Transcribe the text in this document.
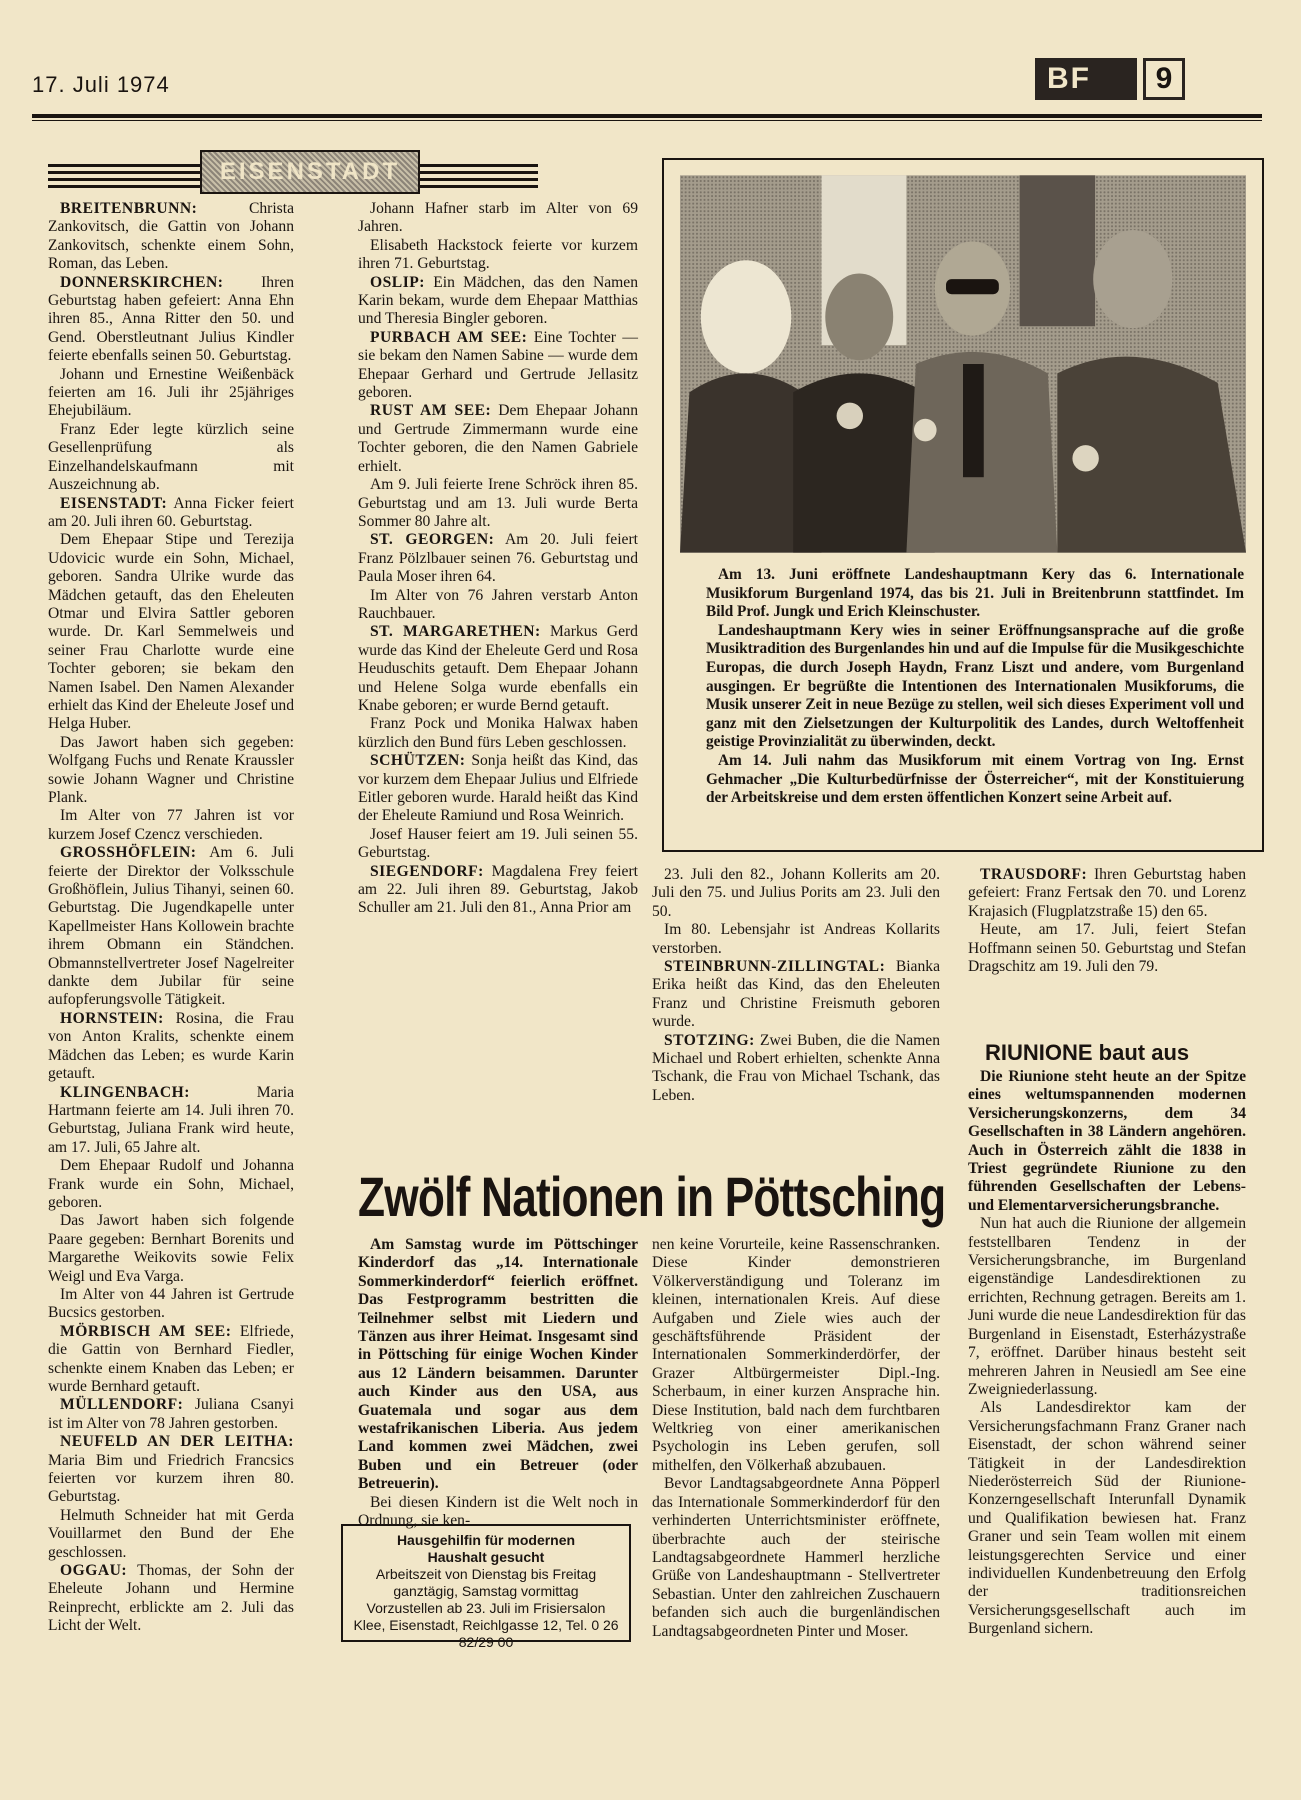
17. Juli 1974	BF	9
EISENSTADT

BREITENBRUNN: Christa Zankovitsch, die Gattin von Johann Zankovitsch, schenkte einem Sohn, Roman, das Leben.

DONNERSKIRCHEN: Ihren Geburtstag haben gefeiert: Anna Ehn ihren 85., Anna Ritter den 50. und Gend. Oberstleutnant Julius Kindler feierte ebenfalls seinen 50. Geburtstag.

Johann und Ernestine Weißenbäck feierten am 16. Juli ihr 25jähriges Ehejubiläum.

Franz Eder legte kürzlich seine Gesellenprüfung als Einzelhandelskaufmann mit Auszeichnung ab.

EISENSTADT: Anna Ficker feiert am 20. Juli ihren 60. Geburtstag.

Dem Ehepaar Stipe und Terezija Udovicic wurde ein Sohn, Michael, geboren. Sandra Ulrike wurde das Mädchen getauft, das den Eheleuten Otmar und Elvira Sattler geboren wurde. Dr. Karl Semmelweis und seiner Frau Charlotte wurde eine Tochter geboren; sie bekam den Namen Isabel. Den Namen Alexander erhielt das Kind der Eheleute Josef und Helga Huber.

Das Jawort haben sich gegeben: Wolfgang Fuchs und Renate Kraussler sowie Johann Wagner und Christine Plank.

Im Alter von 77 Jahren ist vor kurzem Josef Czencz verschieden.

GROSSHÖFLEIN: Am 6. Juli feierte der Direktor der Volksschule Großhöflein, Julius Tihanyi, seinen 60. Geburtstag. Die Jugendkapelle unter Kapellmeister Hans Kollowein brachte ihrem Obmann ein Ständchen. Obmannstellvertreter Josef Nagelreiter dankte dem Jubilar für seine aufopferungsvolle Tätigkeit.

HORNSTEIN: Rosina, die Frau von Anton Kralits, schenkte einem Mädchen das Leben; es wurde Karin getauft.

KLINGENBACH: Maria Hartmann feierte am 14. Juli ihren 70. Geburtstag, Juliana Frank wird heute, am 17. Juli, 65 Jahre alt.

Dem Ehepaar Rudolf und Johanna Frank wurde ein Sohn, Michael, geboren.

Das Jawort haben sich folgende Paare gegeben: Bernhart Borenits und Margarethe Weikovits sowie Felix Weigl und Eva Varga.

Im Alter von 44 Jahren ist Gertrude Bucsics gestorben.

MÖRBISCH AM SEE: Elfriede, die Gattin von Bernhard Fiedler, schenkte einem Knaben das Leben; er wurde Bernhard getauft.

MÜLLENDORF: Juliana Csanyi ist im Alter von 78 Jahren gestorben.

NEUFELD AN DER LEITHA: Maria Bim und Friedrich Francsics feierten vor kurzem ihren 80. Geburtstag.

Helmuth Schneider hat mit Gerda Vouillarmet den Bund der Ehe geschlossen.

OGGAU: Thomas, der Sohn der Eheleute Johann und Hermine Reinprecht, erblickte am 2. Juli das Licht der Welt.

Johann Hafner starb im Alter von 69 Jahren.

Elisabeth Hackstock feierte vor kurzem ihren 71. Geburtstag.

OSLIP: Ein Mädchen, das den Namen Karin bekam, wurde dem Ehepaar Matthias und Theresia Bingler geboren.

PURBACH AM SEE: Eine Tochter — sie bekam den Namen Sabine — wurde dem Ehepaar Gerhard und Gertrude Jellasitz geboren.

RUST AM SEE: Dem Ehepaar Johann und Gertrude Zimmermann wurde eine Tochter geboren, die den Namen Gabriele erhielt.

Am 9. Juli feierte Irene Schröck ihren 85. Geburtstag und am 13. Juli wurde Berta Sommer 80 Jahre alt.

ST. GEORGEN: Am 20. Juli feiert Franz Pölzlbauer seinen 76. Geburtstag und Paula Moser ihren 64.

Im Alter von 76 Jahren verstarb Anton Rauchbauer.

ST. MARGARETHEN: Markus Gerd wurde das Kind der Eheleute Gerd und Rosa Heuduschits getauft. Dem Ehepaar Johann und Helene Solga wurde ebenfalls ein Knabe geboren; er wurde Bernd getauft.

Franz Pock und Monika Halwax haben kürzlich den Bund fürs Leben geschlossen.

SCHÜTZEN: Sonja heißt das Kind, das vor kurzem dem Ehepaar Julius und Elfriede Eitler geboren wurde. Harald heißt das Kind der Eheleute Ramiund und Rosa Weinrich.

Josef Hauser feiert am 19. Juli seinen 55. Geburtstag.

SIEGENDORF: Magdalena Frey feiert am 22. Juli ihren 89. Geburtstag, Jakob Schuller am 21. Juli den 81., Anna Prior am

Am 13. Juni eröffnete Landeshauptmann Kery das 6. Internationale Musikforum Burgenland 1974, das bis 21. Juli in Breitenbrunn stattfindet. Im Bild Prof. Jungk und Erich Kleinschuster.

Landeshauptmann Kery wies in seiner Eröffnungsansprache auf die große Musiktradition des Burgenlandes hin und auf die Impulse für die Musikgeschichte Europas, die durch Joseph Haydn, Franz Liszt und andere, vom Burgenland ausgingen. Er begrüßte die Intentionen des Internationalen Musikforums, die Musik unserer Zeit in neue Bezüge zu stellen, weil sich dieses Experiment voll und ganz mit den Zielsetzungen der Kulturpolitik des Landes, durch Weltoffenheit geistige Provinzialität zu überwinden, deckt.

Am 14. Juli nahm das Musikforum mit einem Vortrag von Ing. Ernst Gehmacher „Die Kulturbedürfnisse der Österreicher“, mit der Konstituierung der Arbeitskreise und dem ersten öffentlichen Konzert seine Arbeit auf.

23. Juli den 82., Johann Kollerits am 20. Juli den 75. und Julius Porits am 23. Juli den 50.

Im 80. Lebensjahr ist Andreas Kollarits verstorben.

STEINBRUNN-ZILLINGTAL: Bianka Erika heißt das Kind, das den Eheleuten Franz und Christine Freismuth geboren wurde.

STOTZING: Zwei Buben, die die Namen Michael und Robert erhielten, schenkte Anna Tschank, die Frau von Michael Tschank, das Leben.

TRAUSDORF: Ihren Geburtstag haben gefeiert: Franz Fertsak den 70. und Lorenz Krajasich (Flugplatzstraße 15) den 65.

Heute, am 17. Juli, feiert Stefan Hoffmann seinen 50. Geburtstag und Stefan Dragschitz am 19. Juli den 79.

RIUNIONE baut aus

Die Riunione steht heute an der Spitze eines weltumspannenden modernen Versicherungskonzerns, dem 34 Gesellschaften in 38 Ländern angehören. Auch in Österreich zählt die 1838 in Triest gegründete Riunione zu den führenden Gesellschaften der Lebens- und Elementarversicherungsbranche.

Nun hat auch die Riunione der allgemein feststellbaren Tendenz in der Versicherungsbranche, im Burgenland eigenständige Landesdirektionen zu errichten, Rechnung getragen. Bereits am 1. Juni wurde die neue Landesdirektion für das Burgenland in Eisenstadt, Esterházystraße 7, eröffnet. Darüber hinaus besteht seit mehreren Jahren in Neusiedl am See eine Zweigniederlassung.

Als Landesdirektor kam der Versicherungsfachmann Franz Graner nach Eisenstadt, der schon während seiner Tätigkeit in der Landesdirektion Niederösterreich Süd der Riunione-Konzerngesellschaft Interunfall Dynamik und Qualifikation bewiesen hat. Franz Graner und sein Team wollen mit einem leistungsgerechten Service und einer individuellen Kundenbetreuung den Erfolg der traditionsreichen Versicherungsgesellschaft auch im Burgenland sichern.

Zwölf Nationen in Pöttsching

Am Samstag wurde im Pöttschinger Kinderdorf das „14. Internationale Sommerkinderdorf“ feierlich eröffnet. Das Festprogramm bestritten die Teilnehmer selbst mit Liedern und Tänzen aus ihrer Heimat. Insgesamt sind in Pöttsching für einige Wochen Kinder aus 12 Ländern beisammen. Darunter auch Kinder aus den USA, aus Guatemala und sogar aus dem westafrikanischen Liberia. Aus jedem Land kommen zwei Mädchen, zwei Buben und ein Betreuer (oder Betreuerin).

Bei diesen Kindern ist die Welt noch in Ordnung, sie ken-

Hausgehilfin für modernen
Haushalt gesucht
Arbeitszeit von Dienstag bis Freitag ganztägig, Samstag vormittag
Vorzustellen ab 23. Juli im Frisiersalon Klee, Eisenstadt, Reichlgasse 12, Tel. 0 26 82/29 00

nen keine Vorurteile, keine Rassenschranken. Diese Kinder demonstrieren Völkerverständigung und Toleranz im kleinen, internationalen Kreis. Auf diese Aufgaben und Ziele wies auch der geschäftsführende Präsident der Internationalen Sommerkinderdörfer, der Grazer Altbürgermeister Dipl.-Ing. Scherbaum, in einer kurzen Ansprache hin. Diese Institution, bald nach dem furchtbaren Weltkrieg von einer amerikanischen Psychologin ins Leben gerufen, soll mithelfen, den Völkerhaß abzubauen.

Bevor Landtagsabgeordnete Anna Pöpperl das Internationale Sommerkinderdorf für den verhinderten Unterrichtsminister eröffnete, überbrachte auch der steirische Landtagsabgeordnete Hammerl herzliche Grüße von Landeshauptmann - Stellvertreter Sebastian. Unter den zahlreichen Zuschauern befanden sich auch die burgenländischen Landtagsabgeordneten Pinter und Moser.
